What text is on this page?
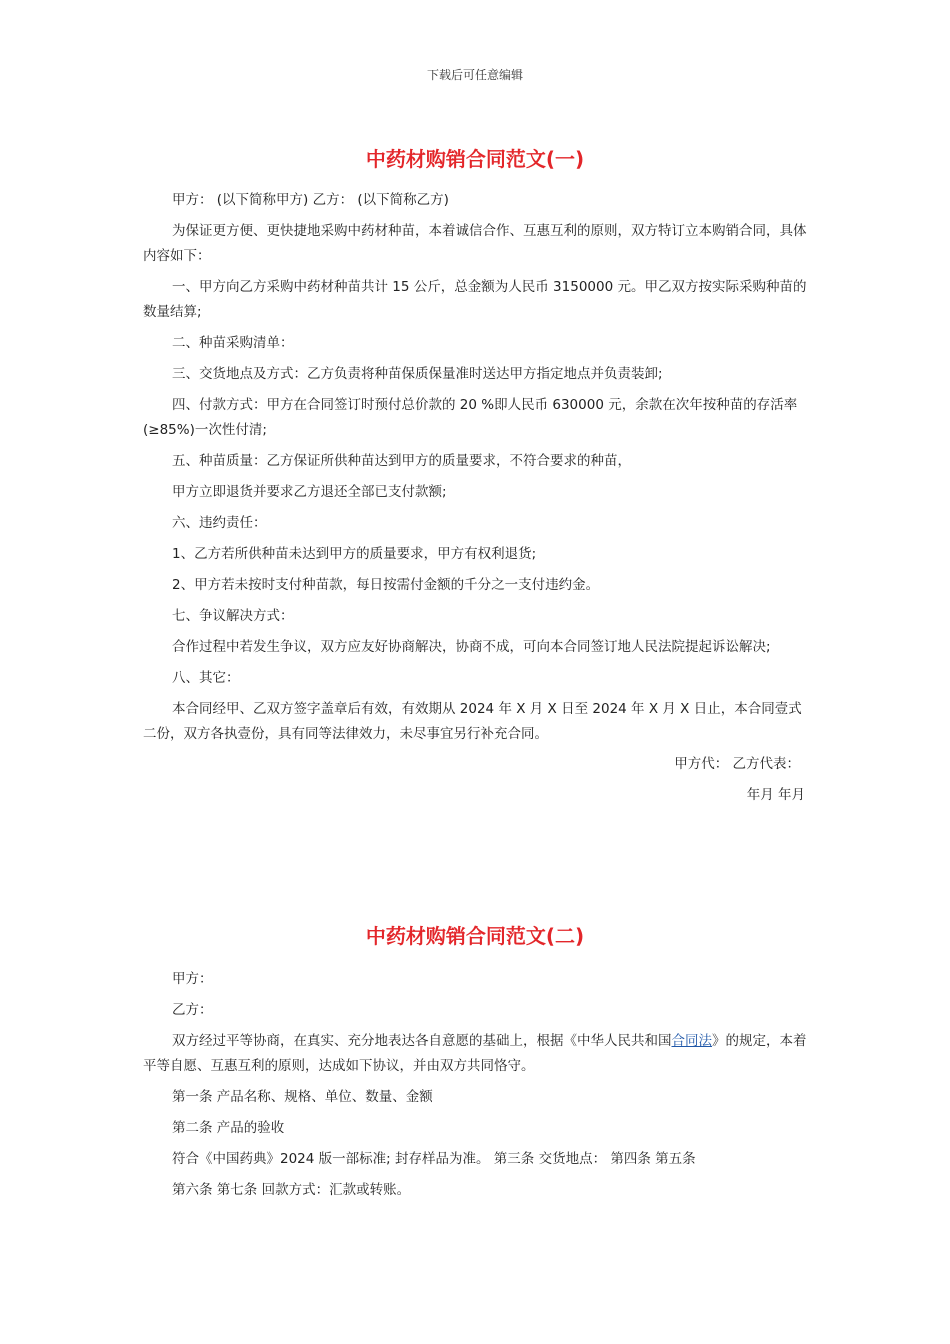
下载后可任意编辑
中药材购销合同范文(一)
甲方： (以下简称甲方) 乙方： (以下简称乙方)
为保证更方便、更快捷地采购中药材种苗，本着诚信合作、互惠互利的原则，双方特订立本购销合同，具体内容如下：
一、甲方向乙方采购中药材种苗共计 15 公斤，总金额为人民币 3150000 元。甲乙双方按实际采购种苗的数量结算;
二、种苗采购清单：
三、交货地点及方式：乙方负责将种苗保质保量准时送达甲方指定地点并负责装卸;
四、付款方式：甲方在合同签订时预付总价款的 20 %即人民币 630000 元，余款在次年按种苗的存活率(≥85%)一次性付清;
五、种苗质量：乙方保证所供种苗达到甲方的质量要求，不符合要求的种苗，
甲方立即退货并要求乙方退还全部已支付款额;
六、违约责任：
1、乙方若所供种苗未达到甲方的质量要求，甲方有权利退货;
2、甲方若未按时支付种苗款，每日按需付金额的千分之一支付违约金。
七、争议解决方式：
合作过程中若发生争议，双方应友好协商解决，协商不成，可向本合同签订地人民法院提起诉讼解决;
八、其它：
本合同经甲、乙双方签字盖章后有效，有效期从 2024 年 X 月 X 日至 2024 年 X 月 X 日止，本合同壹式二份，双方各执壹份，具有同等法律效力，未尽事宜另行补充合同。
甲方代： 乙方代表：
年月 年月
中药材购销合同范文(二)
甲方：
乙方：
双方经过平等协商，在真实、充分地表达各自意愿的基础上，根据《中华人民共和国合同法》的规定，本着平等自愿、互惠互利的原则，达成如下协议，并由双方共同恪守。
第一条 产品名称、规格、单位、数量、金额
第二条 产品的验收
符合《中国药典》2024 版一部标准; 封存样品为准。 第三条 交货地点： 第四条 第五条
第六条 第七条 回款方式：汇款或转账。
